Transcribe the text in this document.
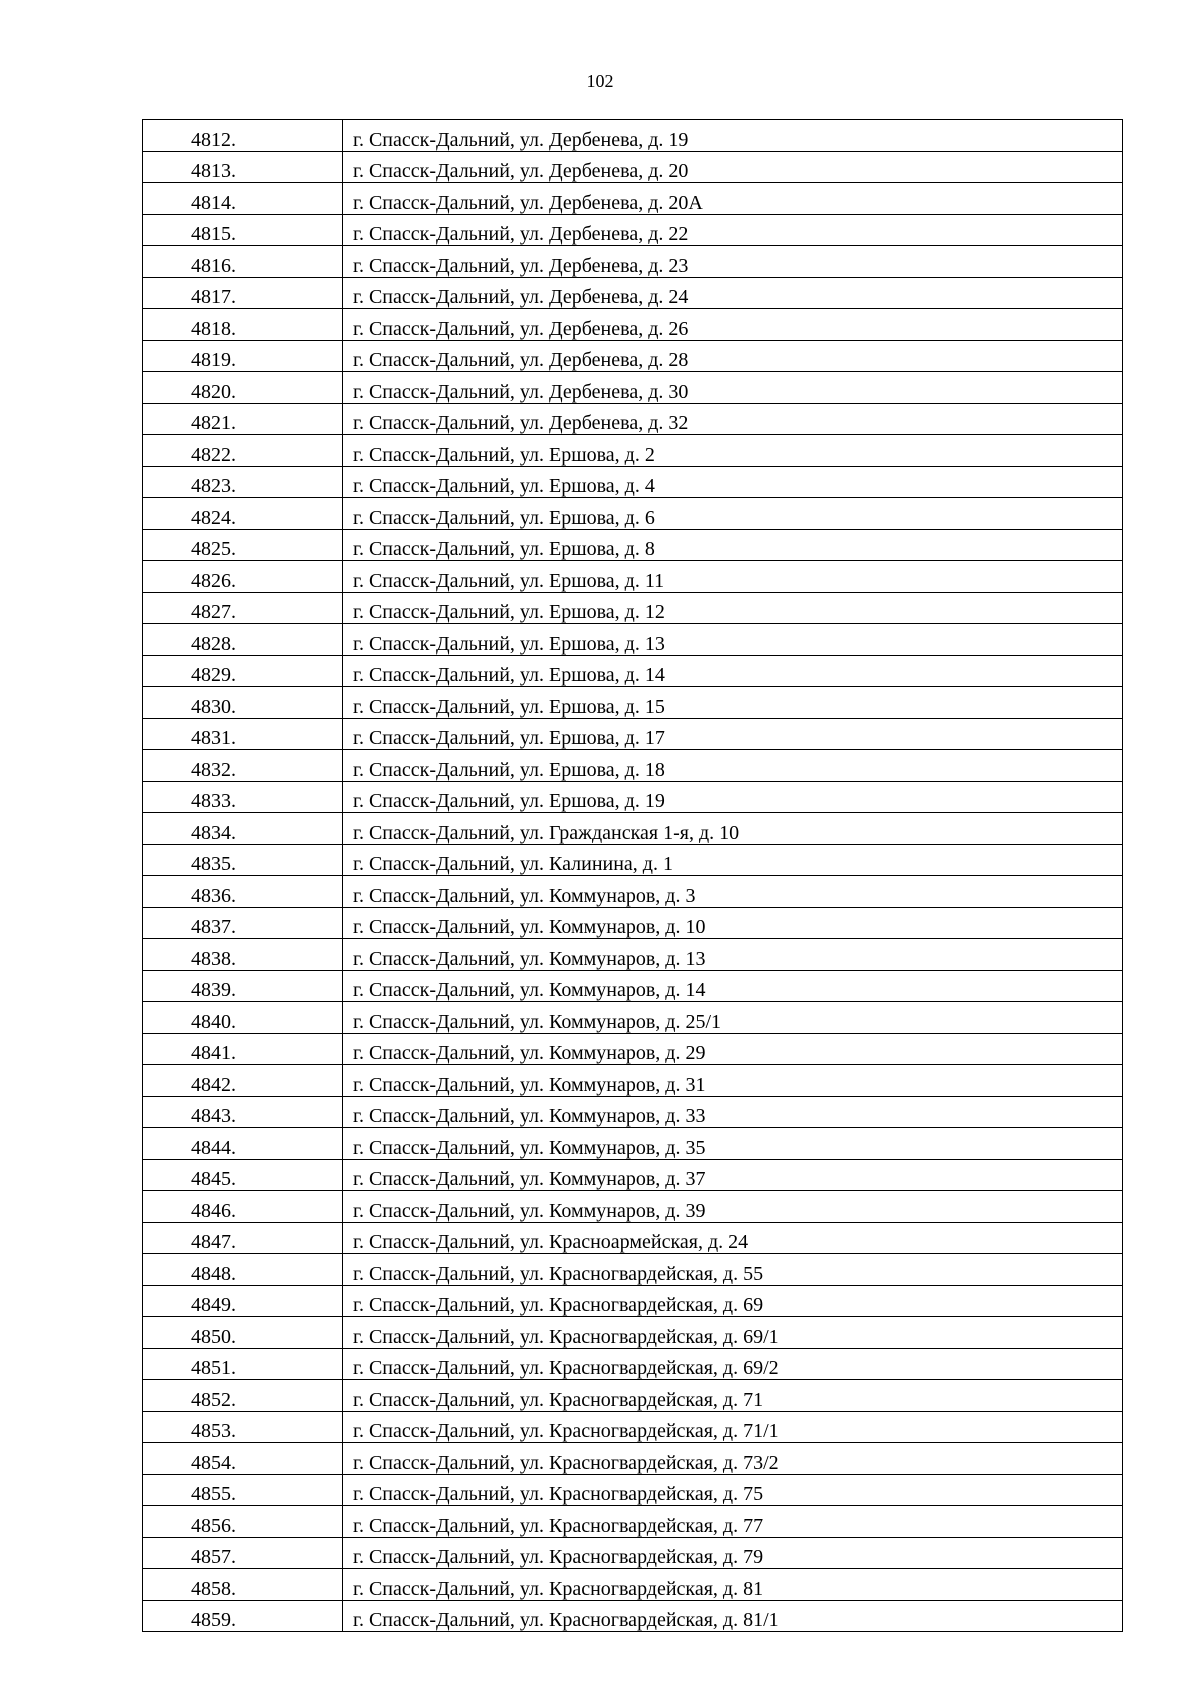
102
4812.	г. Спасск-Дальний, ул. Дербенева, д. 19
4813.	г. Спасск-Дальний, ул. Дербенева, д. 20
4814.	г. Спасск-Дальний, ул. Дербенева, д. 20А
4815.	г. Спасск-Дальний, ул. Дербенева, д. 22
4816.	г. Спасск-Дальний, ул. Дербенева, д. 23
4817.	г. Спасск-Дальний, ул. Дербенева, д. 24
4818.	г. Спасск-Дальний, ул. Дербенева, д. 26
4819.	г. Спасск-Дальний, ул. Дербенева, д. 28
4820.	г. Спасск-Дальний, ул. Дербенева, д. 30
4821.	г. Спасск-Дальний, ул. Дербенева, д. 32
4822.	г. Спасск-Дальний, ул. Ершова, д. 2
4823.	г. Спасск-Дальний, ул. Ершова, д. 4
4824.	г. Спасск-Дальний, ул. Ершова, д. 6
4825.	г. Спасск-Дальний, ул. Ершова, д. 8
4826.	г. Спасск-Дальний, ул. Ершова, д. 11
4827.	г. Спасск-Дальний, ул. Ершова, д. 12
4828.	г. Спасск-Дальний, ул. Ершова, д. 13
4829.	г. Спасск-Дальний, ул. Ершова, д. 14
4830.	г. Спасск-Дальний, ул. Ершова, д. 15
4831.	г. Спасск-Дальний, ул. Ершова, д. 17
4832.	г. Спасск-Дальний, ул. Ершова, д. 18
4833.	г. Спасск-Дальний, ул. Ершова, д. 19
4834.	г. Спасск-Дальний, ул. Гражданская 1-я, д. 10
4835.	г. Спасск-Дальний, ул. Калинина, д. 1
4836.	г. Спасск-Дальний, ул. Коммунаров, д. 3
4837.	г. Спасск-Дальний, ул. Коммунаров, д. 10
4838.	г. Спасск-Дальний, ул. Коммунаров, д. 13
4839.	г. Спасск-Дальний, ул. Коммунаров, д. 14
4840.	г. Спасск-Дальний, ул. Коммунаров, д. 25/1
4841.	г. Спасск-Дальний, ул. Коммунаров, д. 29
4842.	г. Спасск-Дальний, ул. Коммунаров, д. 31
4843.	г. Спасск-Дальний, ул. Коммунаров, д. 33
4844.	г. Спасск-Дальний, ул. Коммунаров, д. 35
4845.	г. Спасск-Дальний, ул. Коммунаров, д. 37
4846.	г. Спасск-Дальний, ул. Коммунаров, д. 39
4847.	г. Спасск-Дальний, ул. Красноармейская, д. 24
4848.	г. Спасск-Дальний, ул. Красногвардейская, д. 55
4849.	г. Спасск-Дальний, ул. Красногвардейская, д. 69
4850.	г. Спасск-Дальний, ул. Красногвардейская, д. 69/1
4851.	г. Спасск-Дальний, ул. Красногвардейская, д. 69/2
4852.	г. Спасск-Дальний, ул. Красногвардейская, д. 71
4853.	г. Спасск-Дальний, ул. Красногвардейская, д. 71/1
4854.	г. Спасск-Дальний, ул. Красногвардейская, д. 73/2
4855.	г. Спасск-Дальний, ул. Красногвардейская, д. 75
4856.	г. Спасск-Дальний, ул. Красногвардейская, д. 77
4857.	г. Спасск-Дальний, ул. Красногвардейская, д. 79
4858.	г. Спасск-Дальний, ул. Красногвардейская, д. 81
4859.	г. Спасск-Дальний, ул. Красногвардейская, д. 81/1
